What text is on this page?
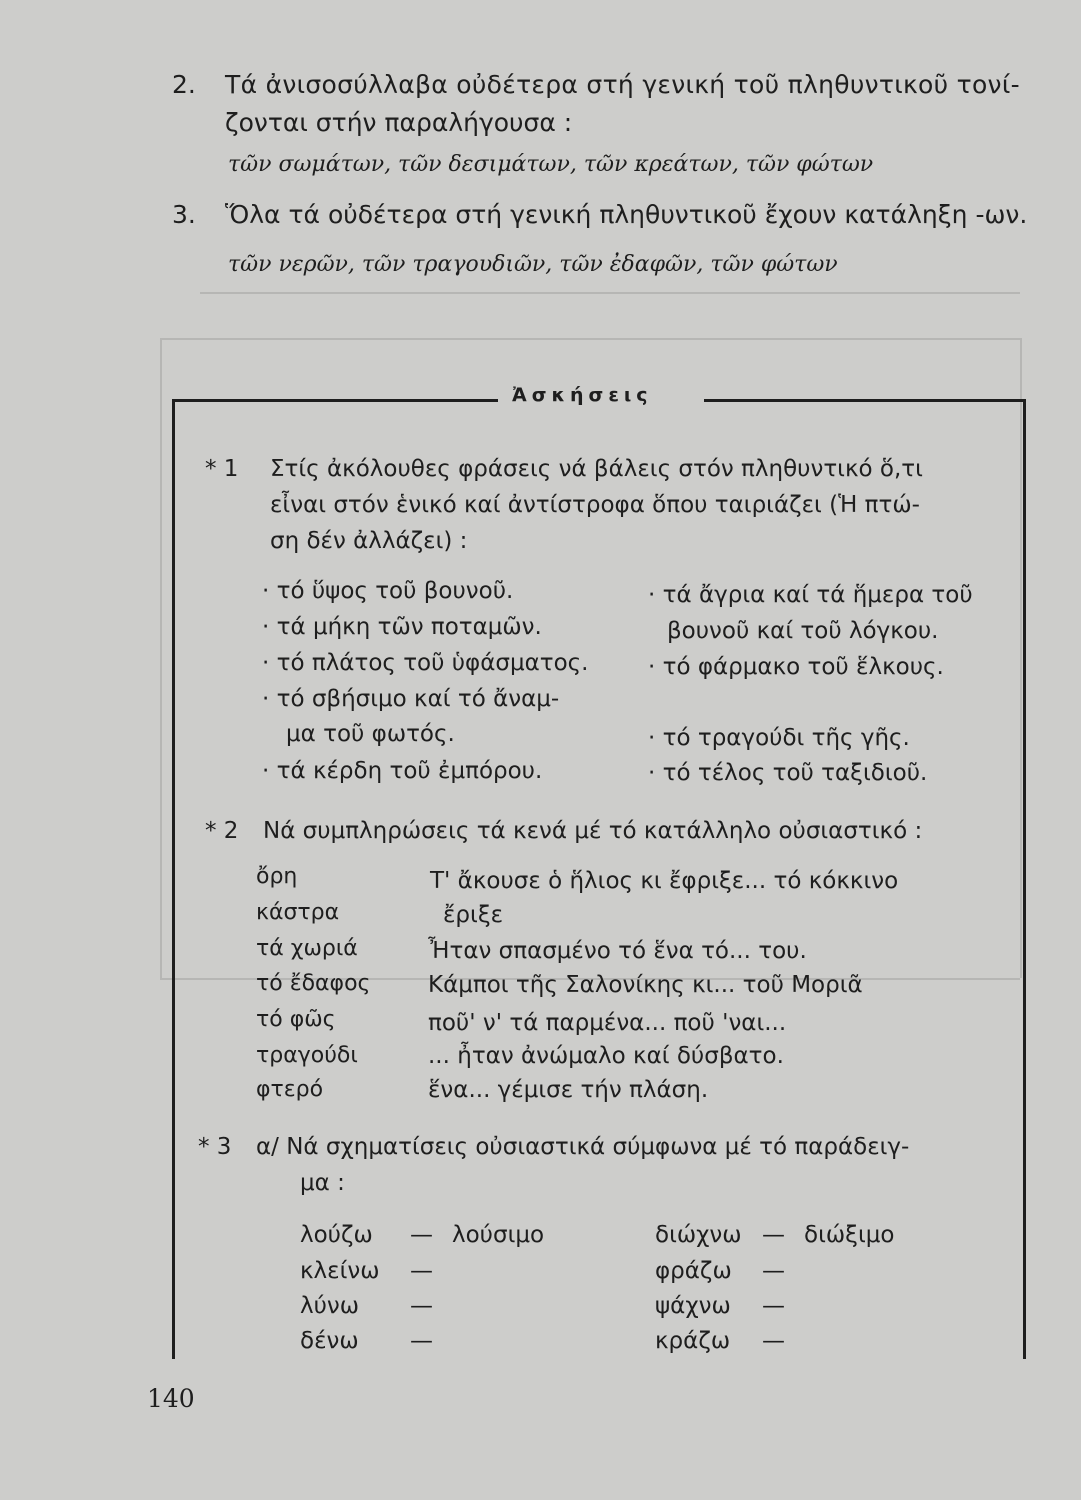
2. Τά ἀνισοσύλλαβα οὐδέτερα στή γενική τοῦ πληθυντικοῦ τονί-
ζονται στήν παραλήγουσα :
τῶν σωμάτων, τῶν δεσιμάτων, τῶν κρεάτων, τῶν φώτων
3. Ὅλα τά οὐδέτερα στή γενική πληθυντικοῦ ἔχουν κατάληξη -ων.
τῶν νερῶν, τῶν τραγουδιῶν, τῶν ἐδαφῶν, τῶν φώτων
Ἀσκήσεις
* 1 Στίς ἀκόλουθες φράσεις νά βάλεις στόν πληθυντικό ὅ,τι
εἶναι στόν ἑνικό καί ἀντίστροφα ὅπου ταιριάζει (Ἡ πτώ-
ση δέν ἀλλάζει) :
· τό ὕψος τοῦ βουνοῦ.
· τά μήκη τῶν ποταμῶν.
· τό πλάτος τοῦ ὑφάσματος.
· τό σβήσιμο καί τό ἄναμ-
μα τοῦ φωτός.
· τά κέρδη τοῦ ἐμπόρου.
· τά ἄγρια καί τά ἥμερα τοῦ
βουνοῦ καί τοῦ λόγκου.
· τό φάρμακο τοῦ ἕλκους.
· τό τραγούδι τῆς γῆς.
· τό τέλος τοῦ ταξιδιοῦ.
* 2 Νά συμπληρώσεις τά κενά μέ τό κατάλληλο οὐσιαστικό :
ὄρη
κάστρα
τά χωριά
τό ἔδαφος
τό φῶς
τραγούδι
φτερό
Τ' ἄκουσε ὁ ἥλιος κι ἔφριξε... τό κόκκινο
ἔριξε
Ἦταν σπασμένο τό ἕνα τό... του.
Κάμποι τῆς Σαλονίκης κι... τοῦ Μοριᾶ
ποῦ' ν' τά παρμένα... ποῦ 'ναι...
... ἦταν ἀνώμαλο καί δύσβατο.
ἕνα... γέμισε τήν πλάση.
* 3 α/ Νά σχηματίσεις οὐσιαστικά σύμφωνα μέ τό παράδειγ-
μα :
λούζω — λούσιμο
κλείνω —
λύνω —
δένω —
διώχνω — διώξιμο
φράζω —
ψάχνω —
κράζω —
140
